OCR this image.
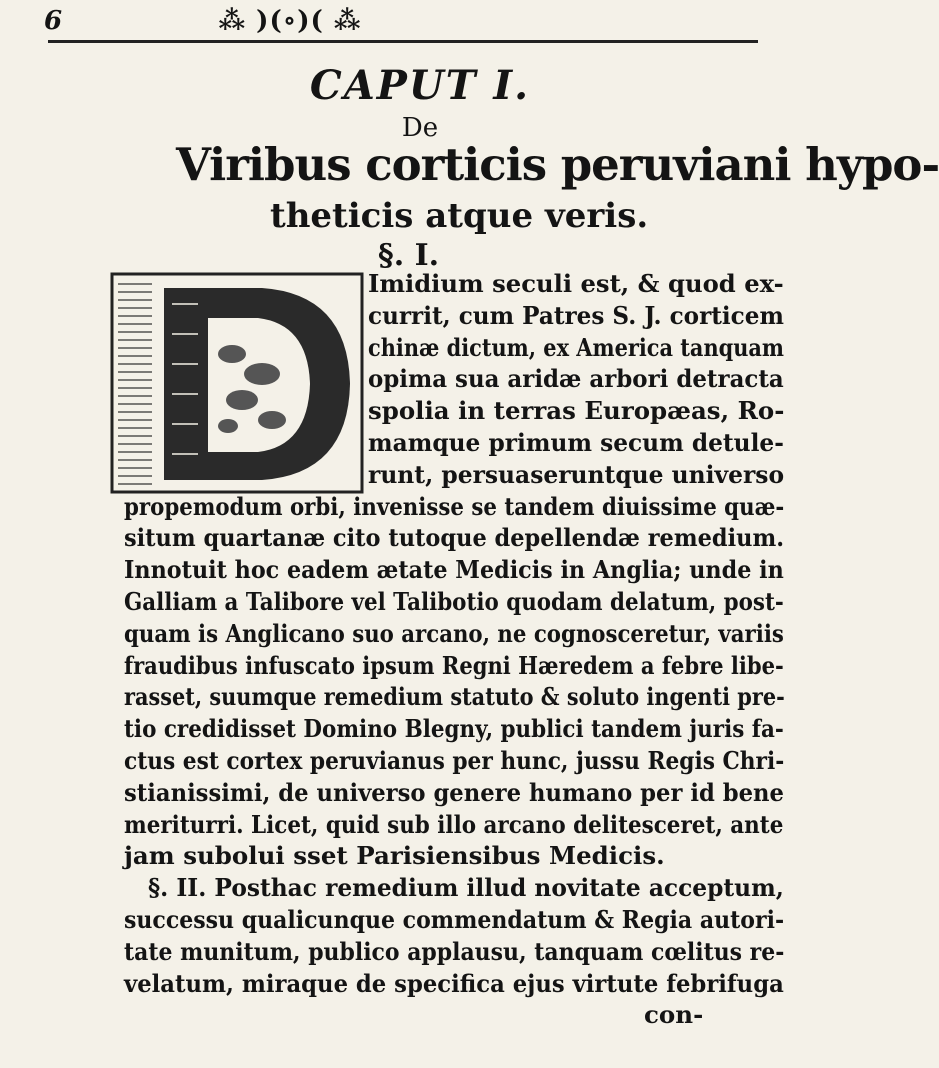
6	⁂ )(∘)( ⁂
CAPUT I.
De
Viribus corticis peruviani hypo-
theticis atque veris.
§. I.
Imidium seculi est, & quod ex-
currit, cum Patres S. J. corticem
chinæ dictum, ex America tanquam
opima sua aridæ arbori detracta
spolia in terras Europæas, Ro-
mamque primum secum detule-
runt, persuaseruntque universo
propemodum orbi, invenisse se tandem diuissime quæ-
situm quartanæ cito tutoque depellendæ remedium.
Innotuit hoc eadem ætate Medicis in Anglia; unde in
Galliam a Talibore vel Talibotio quodam delatum, post-
quam is Anglicano suo arcano, ne cognosceretur, variis
fraudibus infuscato ipsum Regni Hæredem a febre libe-
rasset, suumque remedium statuto & soluto ingenti pre-
tio credidisset Domino Blegny, publici tandem juris fa-
ctus est cortex peruvianus per hunc, jussu Regis Chri-
stianissimi, de universo genere humano per id bene
meriturri. Licet, quid sub illo arcano delitesceret, ante
jam subolui sset Parisiensibus Medicis.
§. II. Posthac remedium illud novitate acceptum,
successu qualicunque commendatum & Regia autori-
tate munitum, publico applausu, tanquam cœlitus re-
velatum, miraque de specifica ejus virtute febrifuga
con-
